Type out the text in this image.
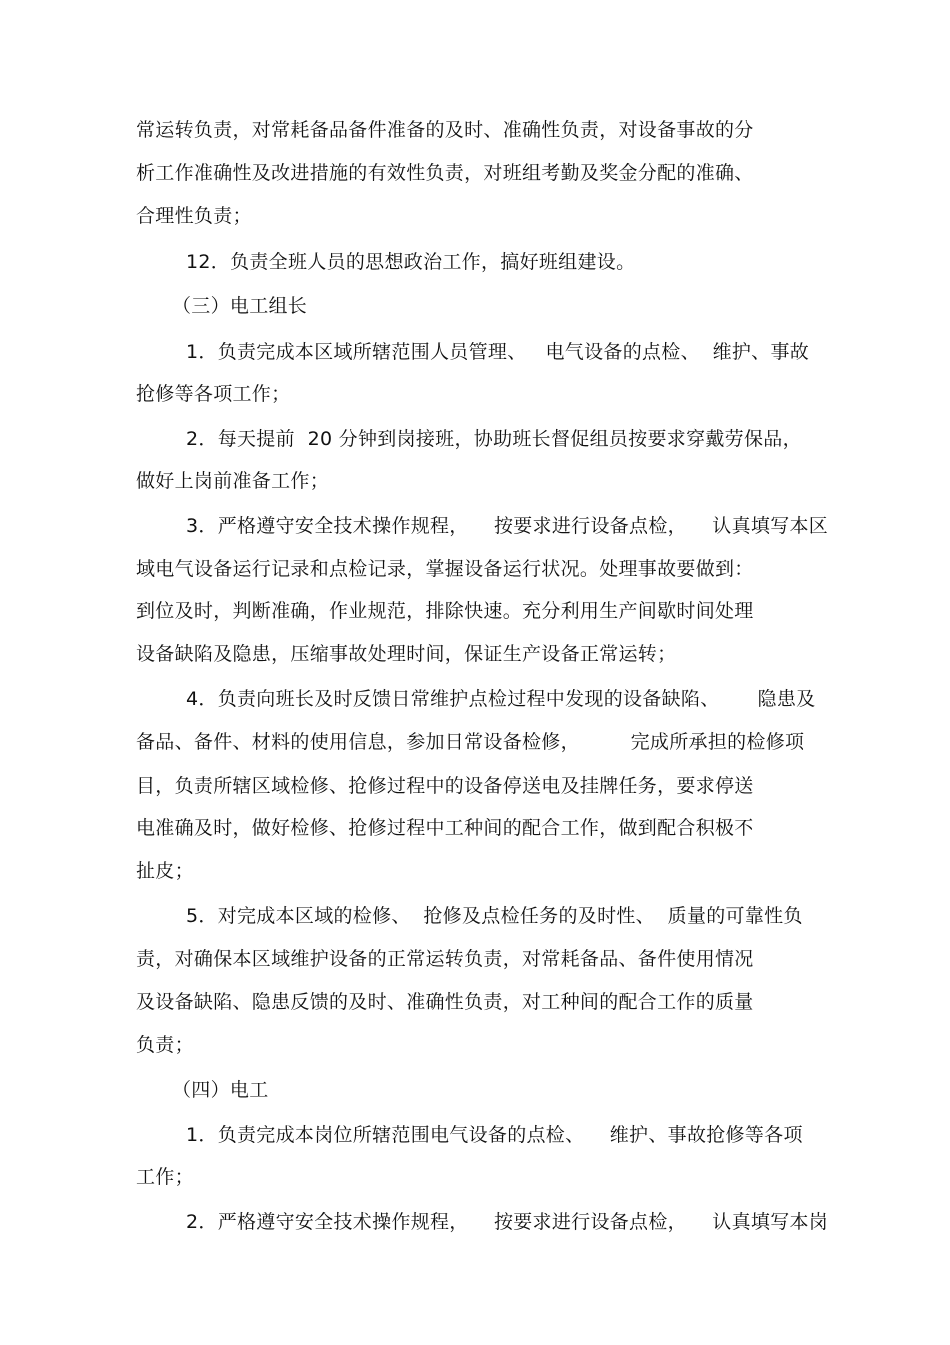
常运转负责，对常耗备品备件准备的及时、准确性负责，对设备事故的分
析工作准确性及改进措施的有效性负责，对班组考勤及奖金分配的准确、
合理性负责；
12．负责全班人员的思想政治工作，搞好班组建设。
（三）电工组长
1．负责完成本区域所辖范围人员管理、   电气设备的点检、  维护、事故
抢修等各项工作；
2．每天提前  20 分钟到岗接班，协助班长督促组员按要求穿戴劳保品，
做好上岗前准备工作；
3．严格遵守安全技术操作规程，    按要求进行设备点检，    认真填写本区
域电气设备运行记录和点检记录，掌握设备运行状况。处理事故要做到：
到位及时，判断准确，作业规范，排除快速。充分利用生产间歇时间处理
设备缺陷及隐患，压缩事故处理时间，保证生产设备正常运转；
4．负责向班长及时反馈日常维护点检过程中发现的设备缺陷、      隐患及
备品、备件、材料的使用信息，参加日常设备检修，        完成所承担的检修项
目，负责所辖区域检修、抢修过程中的设备停送电及挂牌任务，要求停送
电准确及时，做好检修、抢修过程中工种间的配合工作，做到配合积极不
扯皮；
5．对完成本区域的检修、  抢修及点检任务的及时性、  质量的可靠性负
责，对确保本区域维护设备的正常运转负责，对常耗备品、备件使用情况
及设备缺陷、隐患反馈的及时、准确性负责，对工种间的配合工作的质量
负责；
（四）电工
1．负责完成本岗位所辖范围电气设备的点检、    维护、事故抢修等各项
工作；
2．严格遵守安全技术操作规程，    按要求进行设备点检，    认真填写本岗
